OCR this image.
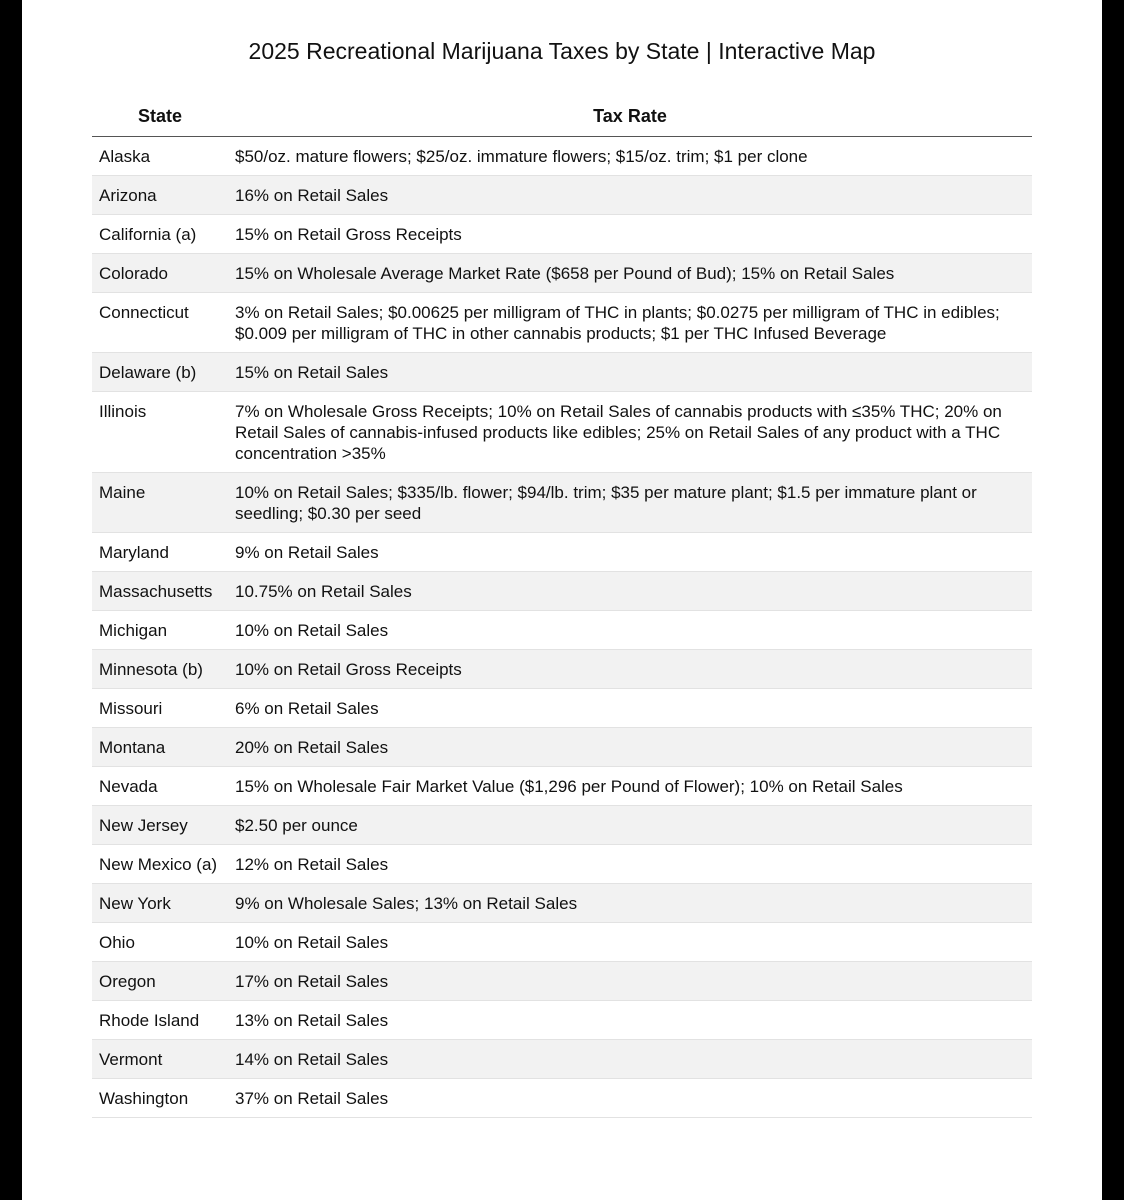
2025 Recreational Marijuana Taxes by State | Interactive Map
State	Tax Rate
Alaska	$50/oz. mature flowers; $25/oz. immature flowers; $15/oz. trim; $1 per clone
Arizona	16% on Retail Sales
California (a)	15% on Retail Gross Receipts
Colorado	15% on Wholesale Average Market Rate ($658 per Pound of Bud); 15% on Retail Sales
Connecticut	3% on Retail Sales; $0.00625 per milligram of THC in plants; $0.0275 per milligram of THC in edibles; $0.009 per milligram of THC in other cannabis products; $1 per THC Infused Beverage
Delaware (b)	15% on Retail Sales
Illinois	7% on Wholesale Gross Receipts; 10% on Retail Sales of cannabis products with ≤35% THC; 20% on Retail Sales of cannabis-infused products like edibles; 25% on Retail Sales of any product with a THC concentration >35%
Maine	10% on Retail Sales; $335/lb. flower; $94/lb. trim; $35 per mature plant; $1.5 per immature plant or seedling; $0.30 per seed
Maryland	9% on Retail Sales
Massachusetts	10.75% on Retail Sales
Michigan	10% on Retail Sales
Minnesota (b)	10% on Retail Gross Receipts
Missouri	6% on Retail Sales
Montana	20% on Retail Sales
Nevada	15% on Wholesale Fair Market Value ($1,296 per Pound of Flower); 10% on Retail Sales
New Jersey	$2.50 per ounce
New Mexico (a)	12% on Retail Sales
New York	9% on Wholesale Sales; 13% on Retail Sales
Ohio	10% on Retail Sales
Oregon	17% on Retail Sales
Rhode Island	13% on Retail Sales
Vermont	14% on Retail Sales
Washington	37% on Retail Sales
